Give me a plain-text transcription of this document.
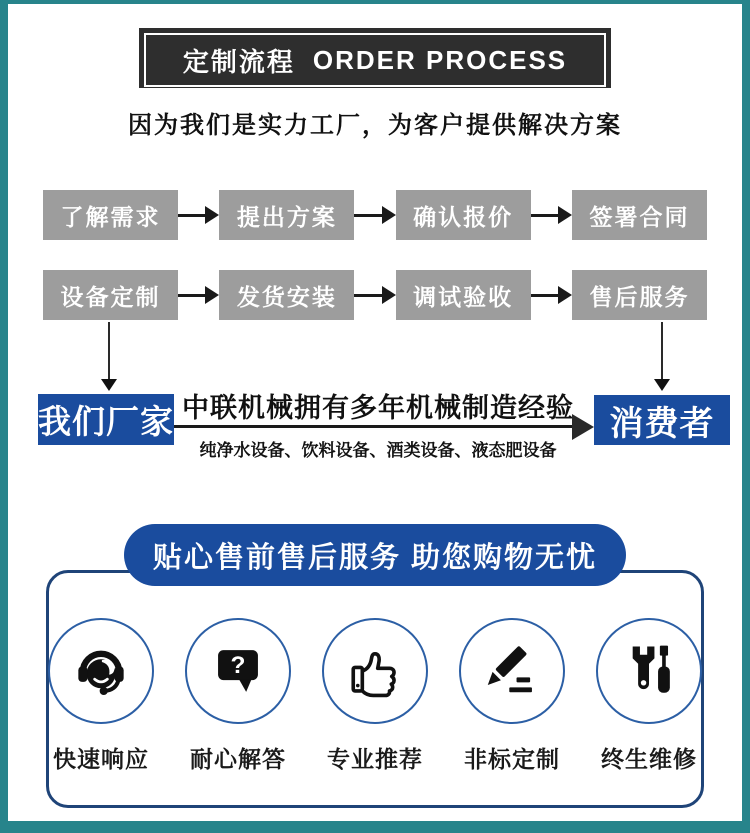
定制流程 ORDER PROCESS
因为我们是实力工厂，为客户提供解决方案
了解需求	提出方案	确认报价	签署合同
设备定制	发货安装	调试验收	售后服务
我们厂家 中联机械拥有多年机械制造经验
纯净水设备、饮料设备、酒类设备、液态肥设备
消费者
贴心售前售后服务 助您购物无忧
快速响应
?
耐心解答 专业推荐 非标定制 终生维修
